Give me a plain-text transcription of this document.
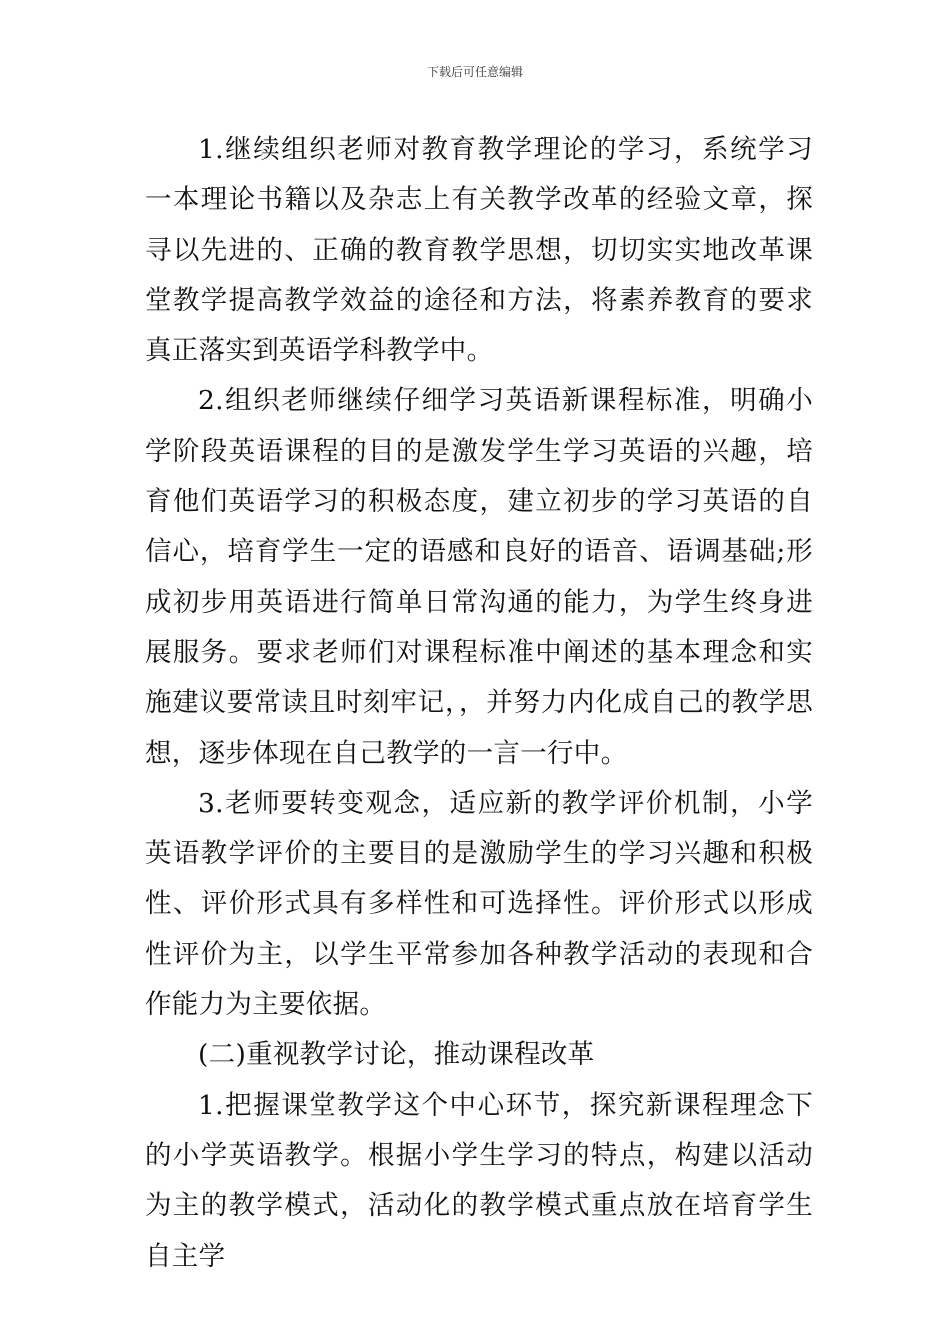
下载后可任意编辑

1.继续组织老师对教育教学理论的学习，系统学习一本理论书籍以及杂志上有关教学改革的经验文章，探寻以先进的、正确的教育教学思想，切切实实地改革课堂教学提高教学效益的途径和方法，将素养教育的要求真正落实到英语学科教学中。

2.组织老师继续仔细学习英语新课程标准，明确小学阶段英语课程的目的是激发学生学习英语的兴趣，培育他们英语学习的积极态度，建立初步的学习英语的自信心，培育学生一定的语感和良好的语音、语调基础;形成初步用英语进行简单日常沟通的能力，为学生终身进展服务。要求老师们对课程标准中阐述的基本理念和实施建议要常读且时刻牢记，，并努力内化成自己的教学思想，逐步体现在自己教学的一言一行中。

3.老师要转变观念，适应新的教学评价机制，小学英语教学评价的主要目的是激励学生的学习兴趣和积极性、评价形式具有多样性和可选择性。评价形式以形成性评价为主，以学生平常参加各种教学活动的表现和合作能力为主要依据。

(二)重视教学讨论，推动课程改革

1.把握课堂教学这个中心环节，探究新课程理念下的小学英语教学。根据小学生学习的特点，构建以活动为主的教学模式，活动化的教学模式重点放在培育学生自主学
